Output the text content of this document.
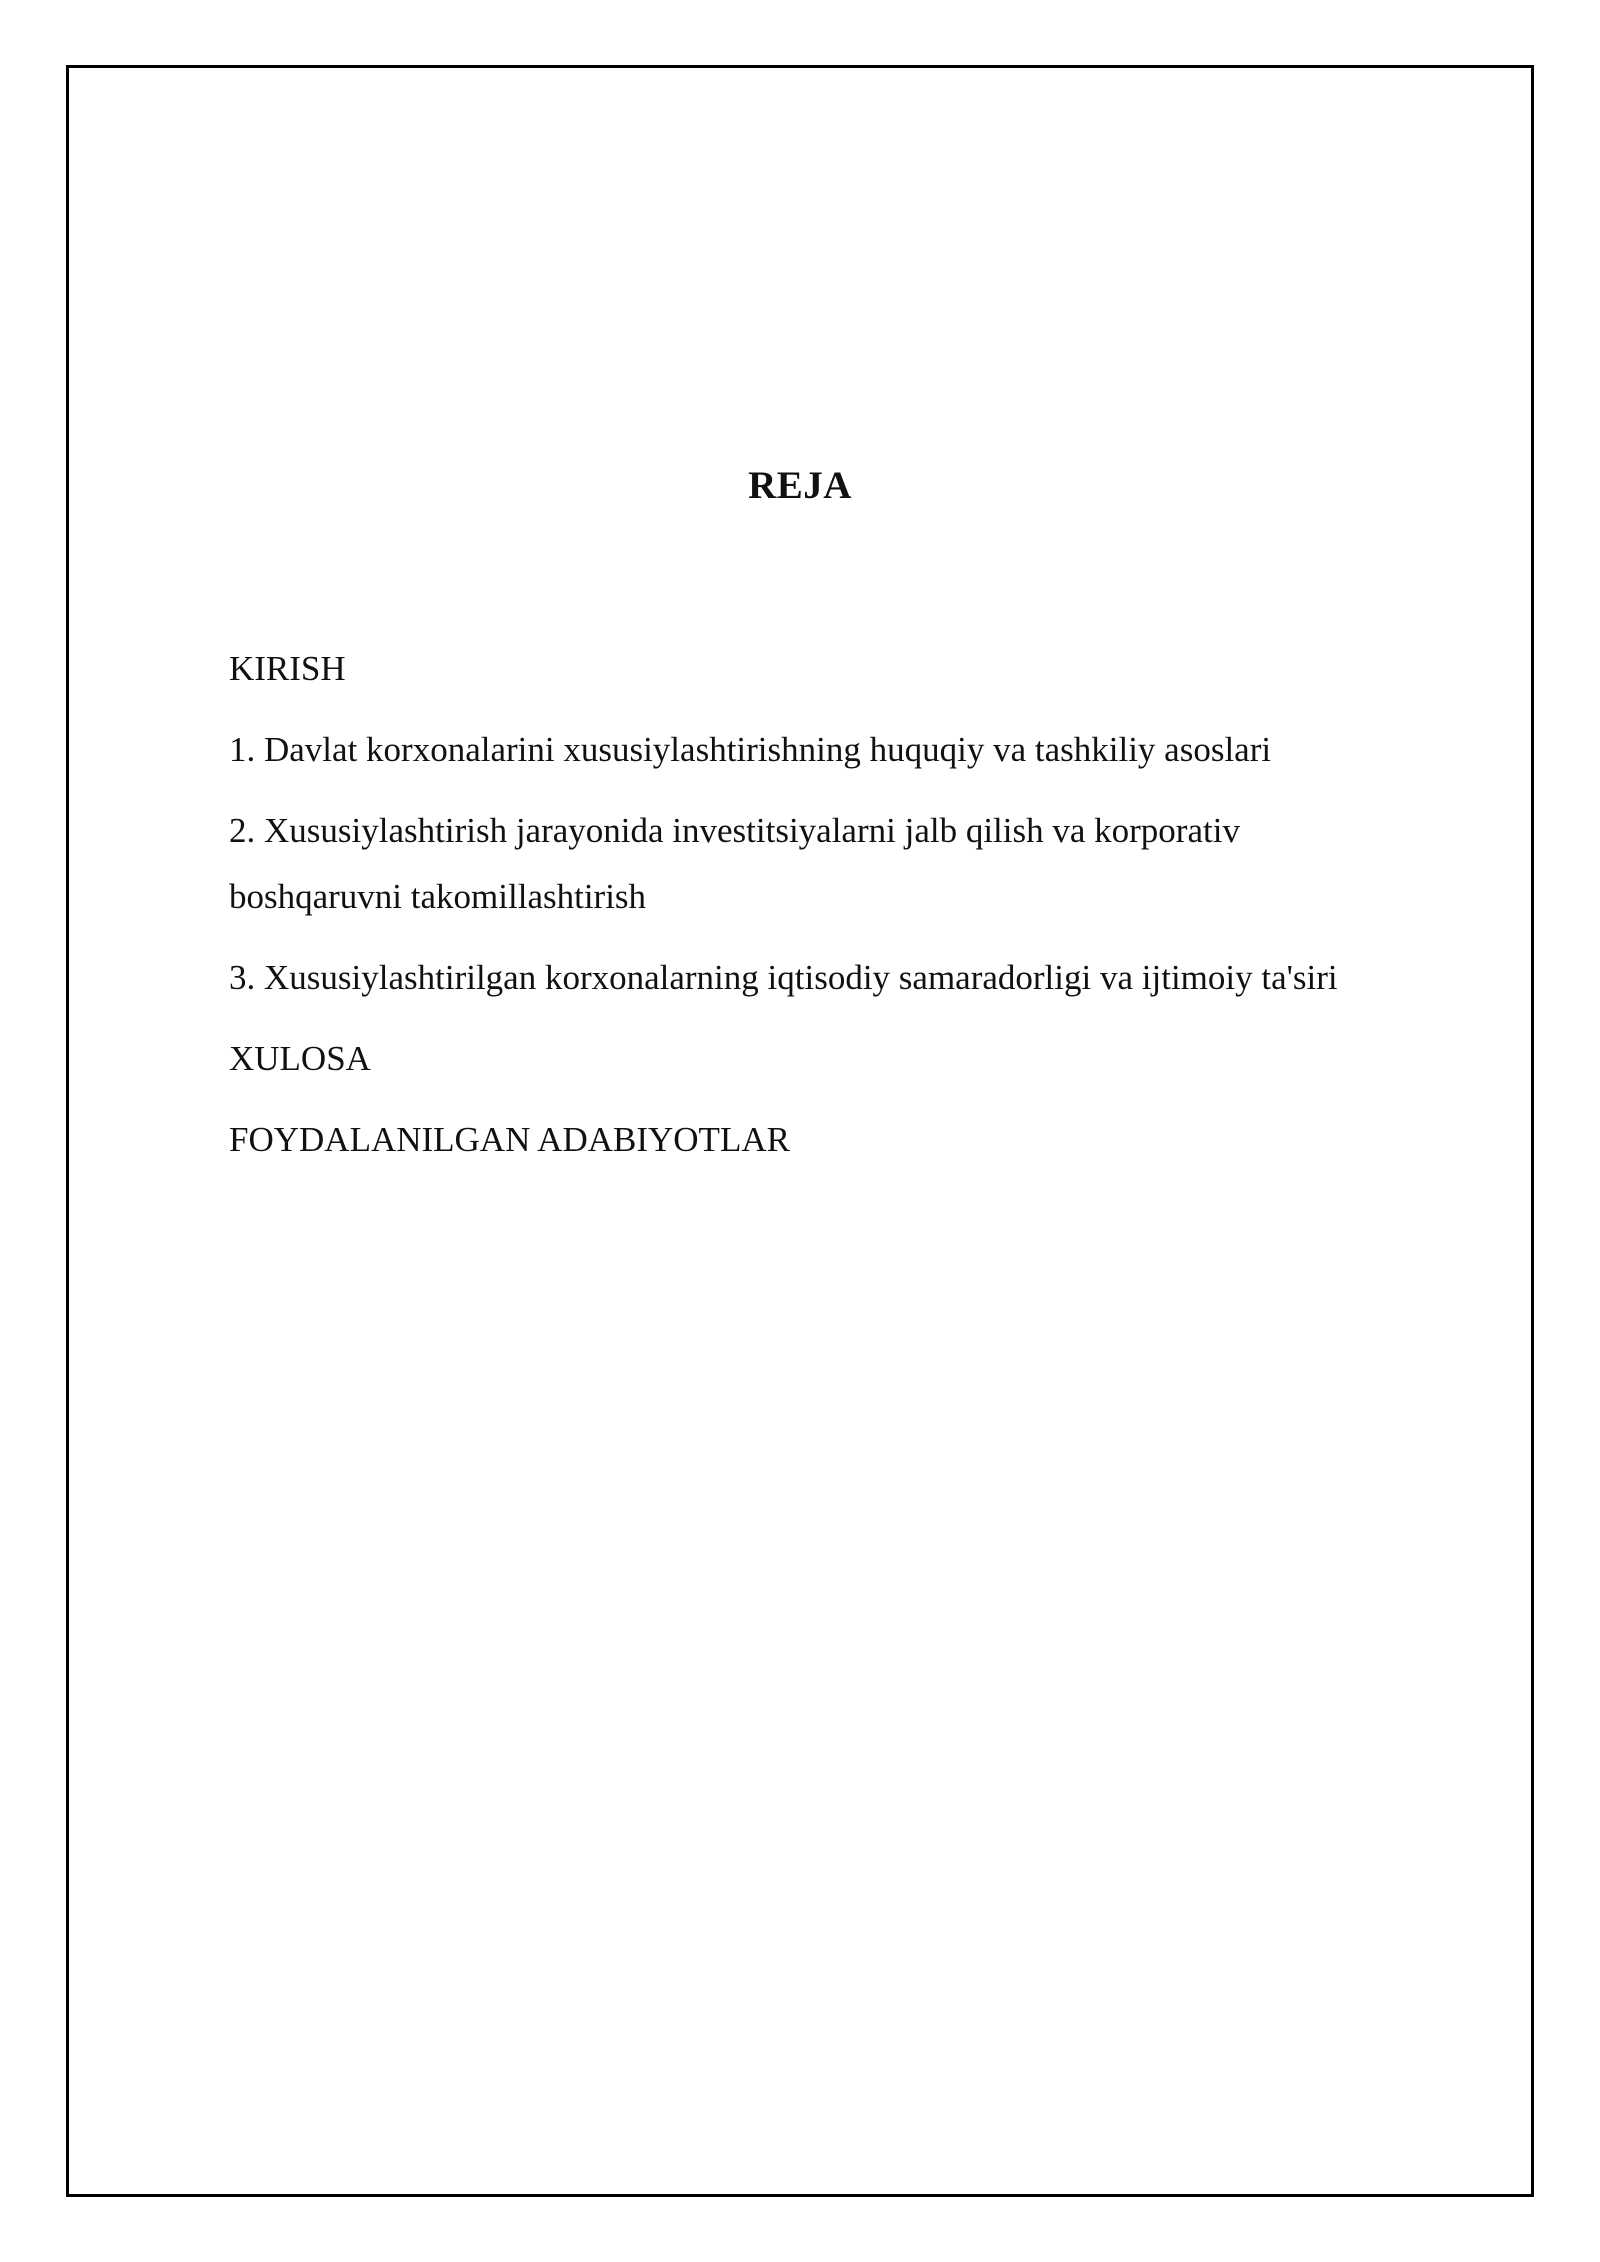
REJA
KIRISH
1. Davlat korxonalarini xususiylashtirishning huquqiy va tashkiliy asoslari
2. Xususiylashtirish jarayonida investitsiyalarni jalb qilish va korporativ
boshqaruvni takomillashtirish
3. Xususiylashtirilgan korxonalarning iqtisodiy samaradorligi va ijtimoiy ta'siri
XULOSA
FOYDALANILGAN ADABIYOTLAR
